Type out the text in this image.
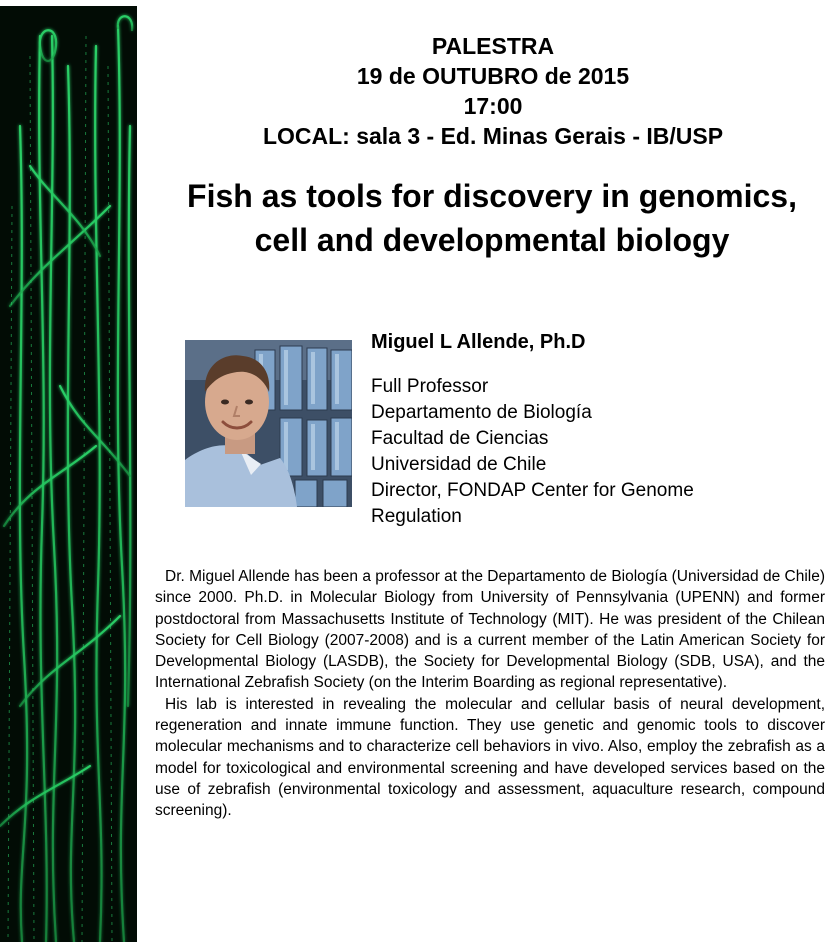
PALESTRA
19 de OUTUBRO de 2015
17:00
LOCAL: sala 3 - Ed. Minas Gerais - IB/USP
Fish as tools for discovery in genomics,
cell and developmental biology
Miguel L Allende, Ph.D
Full Professor
Departamento de Biología
Facultad de Ciencias
Universidad de Chile
Director, FONDAP Center for Genome
Regulation

Dr. Miguel Allende has been a professor at the Departamento de Biología (Universidad de Chile) since 2000. Ph.D. in Molecular Biology from University of Pennsylvania (UPENN) and former postdoctoral from Massachusetts Institute of Technology (MIT). He was president of the Chilean Society for Cell Biology (2007-2008) and is a current member of the Latin American Society for Developmental Biology (LASDB), the Society for Developmental Biology (SDB, USA), and the International Zebrafish Society (on the Interim Boarding as regional representative).

His lab is interested in revealing the molecular and cellular basis of neural development, regeneration and innate immune function. They use genetic and genomic tools to discover molecular mechanisms and to characterize cell behaviors in vivo. Also, employ the zebrafish as a model for toxicological and environmental screening and have developed services based on the use of zebrafish (environmental toxicology and assessment, aquaculture research, compound screening).
